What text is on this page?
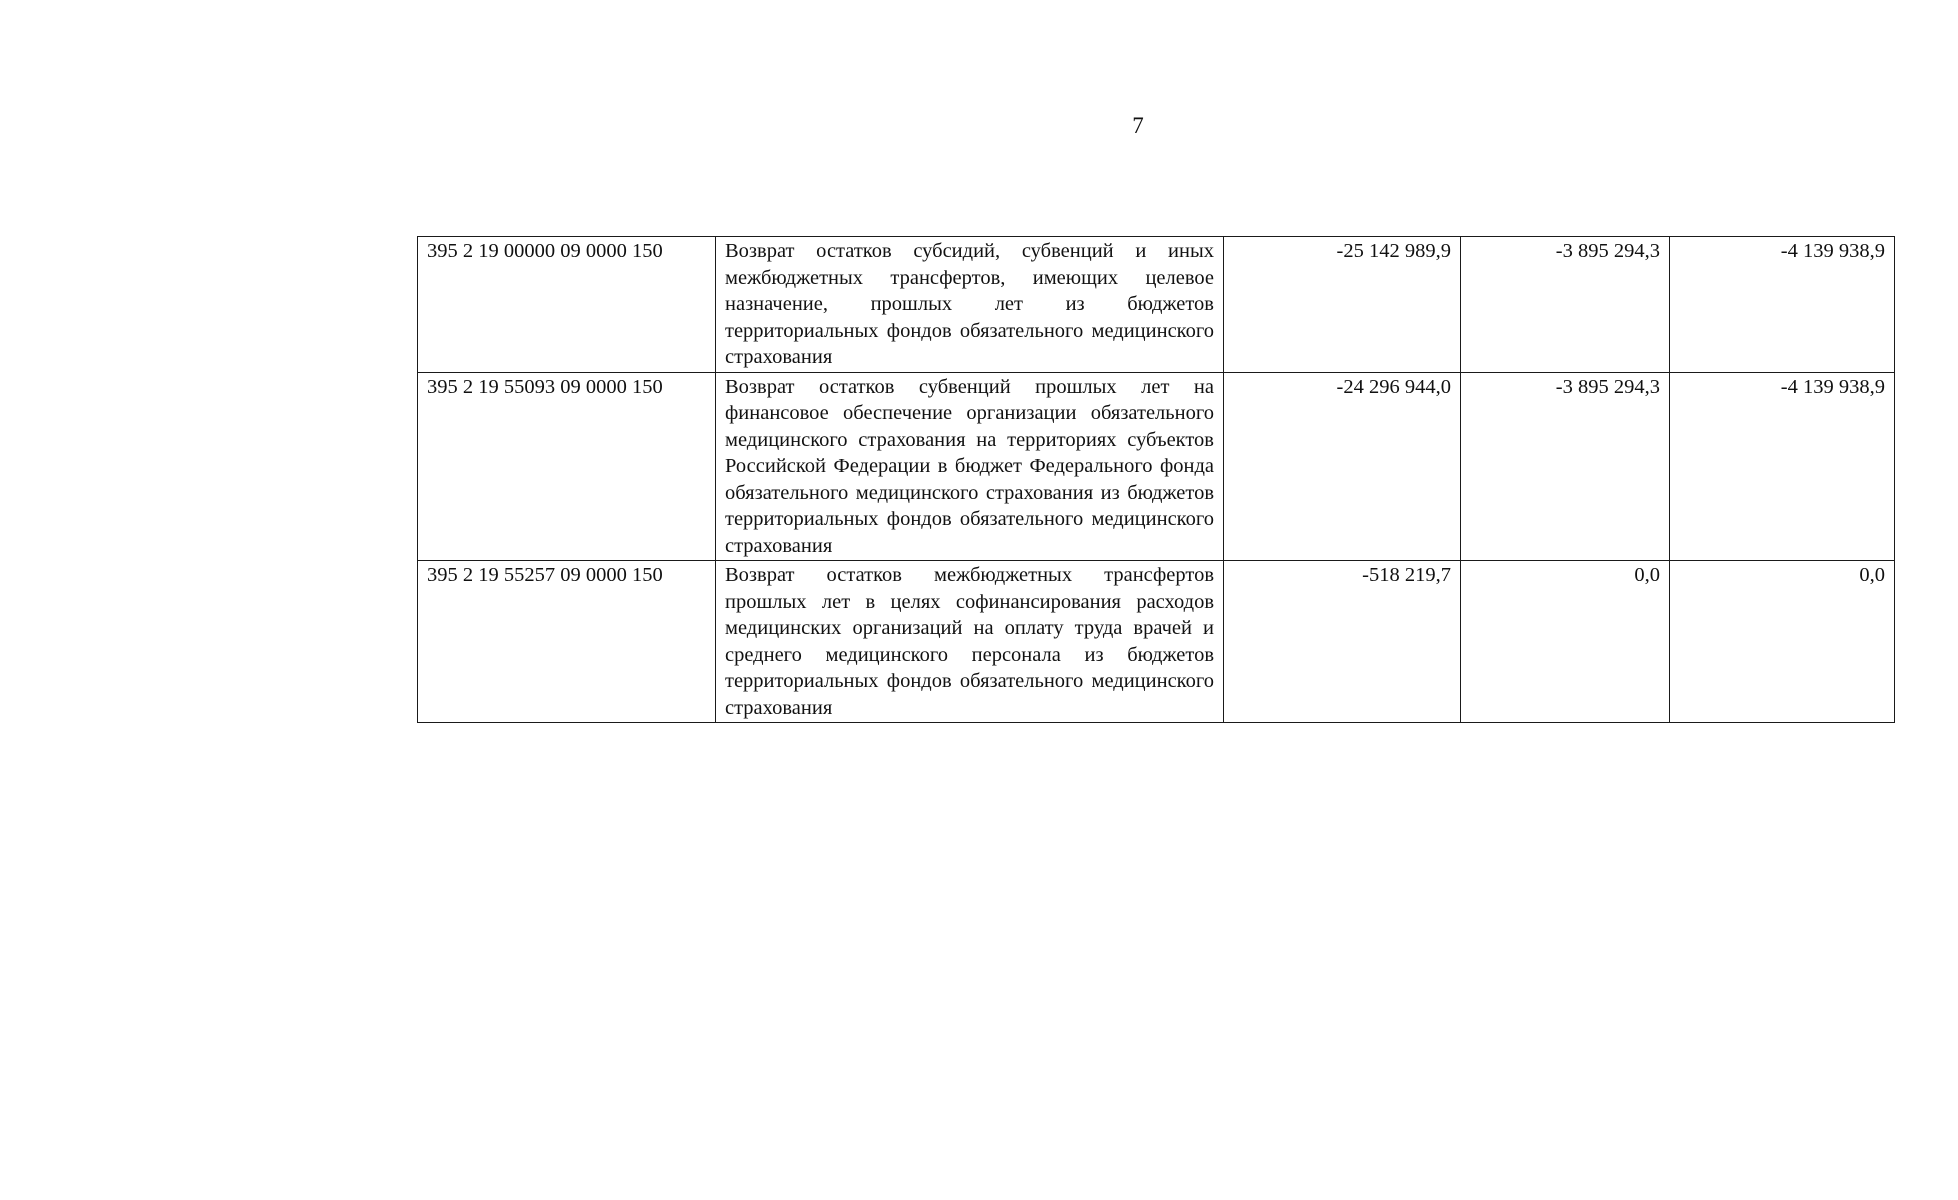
7
395 2 19 00000 09 0000 150	Возврат остатков субсидий, субвенций и иных межбюджетных трансфертов, имеющих целевое назначение, прошлых лет из бюджетов территориальных фондов обязательного медицинского страхования	-25 142 989,9	-3 895 294,3	-4 139 938,9
395 2 19 55093 09 0000 150	Возврат остатков субвенций прошлых лет на финансовое обеспечение организации обязательного медицинского страхования на территориях субъектов Российской Федерации в бюджет Федерального фонда обязательного медицинского страхования из бюджетов территориальных фондов обязательного медицинского страхования	-24 296 944,0	-3 895 294,3	-4 139 938,9
395 2 19 55257 09 0000 150	Возврат остатков межбюджетных трансфертов прошлых лет в целях софинансирования расходов медицинских организаций на оплату труда врачей и среднего медицинского персонала из бюджетов территориальных фондов обязательного медицинского страхования	-518 219,7	0,0	0,0
